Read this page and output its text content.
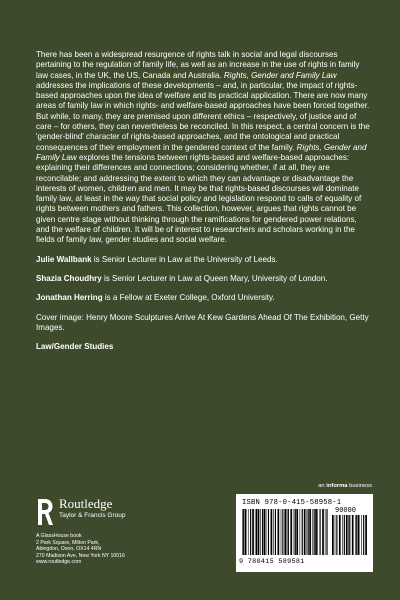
There has been a widespread resurgence of rights talk in social and legal discourses pertaining to the regulation of family life, as well as an increase in the use of rights in family law cases, in the UK, the US, Canada and Australia. Rights, Gender and Family Law addresses the implications of these developments – and, in particular, the impact of rights-based approaches upon the idea of welfare and its practical application. There are now many areas of family law in which rights- and welfare-based approaches have been forced together. But while, to many, they are premised upon different ethics – respectively, of justice and of care – for others, they can nevertheless be reconciled. In this respect, a central concern is the 'gender-blind' character of rights-based approaches, and the ontological and practical consequences of their employment in the gendered context of the family. Rights, Gender and Family Law explores the tensions between rights-based and welfare-based approaches: explaining their differences and connections; considering whether, if at all, they are reconcilable; and addressing the extent to which they can advantage or disadvantage the interests of women, children and men. It may be that rights-based discourses will dominate family law, at least in the way that social policy and legislation respond to calls of equality of rights between mothers and fathers. This collection, however, argues that rights cannot be given centre stage without thinking through the ramifications for gendered power relations, and the welfare of children. It will be of interest to researchers and scholars working in the fields of family law, gender studies and social welfare.

Julie Wallbank is Senior Lecturer in Law at the University of Leeds.

Shazia Choudhry is Senior Lecturer in Law at Queen Mary, University of London.

Jonathan Herring is a Fellow at Exeter College, Oxford University.

Cover image: Henry Moore Sculptures Arrive At Kew Gardens Ahead Of The Exhibition, Getty Images.

Law/Gender Studies

Routledge
Taylor & Francis Group
A GlassHouse book
2 Park Square, Milton Park,
Abingdon, Oxon, OX14 4RN
270 Madison Ave, New York NY 10016
www.routledge.com
an informa business
ISBN 978-0-415-58958-1
90000
9 780415 589581
